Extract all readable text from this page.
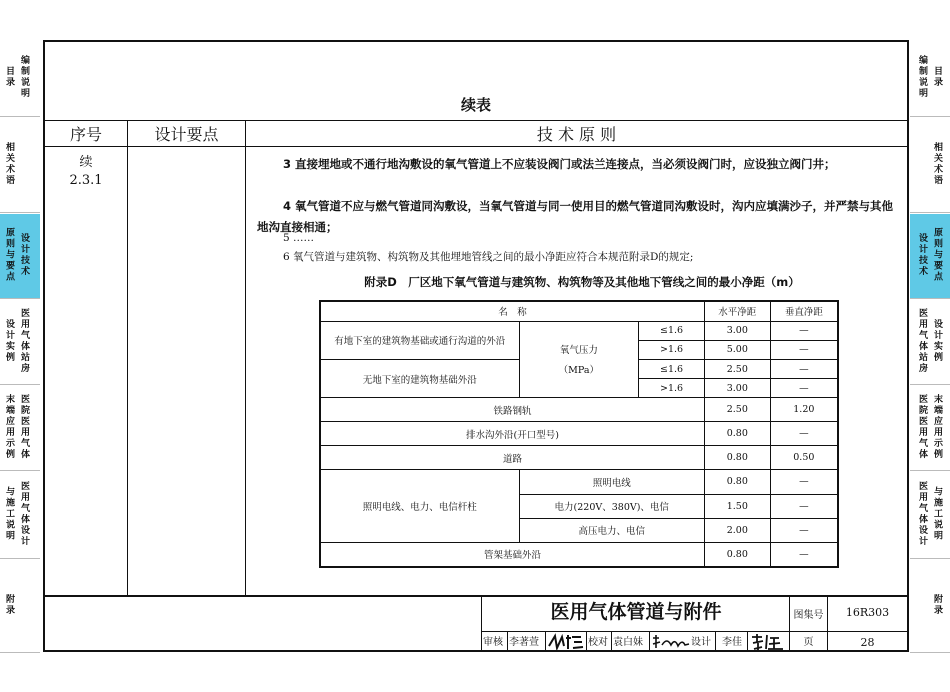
目录
编制说明
相关术语
原则与要点
设计技术
设计实例
医用气体站房
末端应用示例
医院医用气体
与施工说明
医用气体设计
附录
目录
编制说明
相关术语
原则与要点
设计技术
设计实例
医用气体站房
末端应用示例
医院医用气体
与施工说明
医用气体设计
附录
续表
序号	设计要点	技 术 原 则
续
2.3.1
3 直接埋地或不通行地沟敷设的氧气管道上不应装设阀门或法兰连接点，当必须设阀门时，应设独立阀门井；
4 氧气管道不应与燃气管道同沟敷设，当氧气管道与同一使用目的燃气管道同沟敷设时，沟内应填满沙子，并严禁与其他地沟直接相通；
5 ……
6 氧气管道与建筑物、构筑物及其他埋地管线之间的最小净距应符合本规范附录D的规定;
附录D　厂区地下氧气管道与建筑物、构筑物等及其他地下管线之间的最小净距（m）
名　称			水平净距	垂直净距
有地下室的建筑物基础或通行沟道的外沿	氧气压力
（MPa）	≤1.6	3.00	—
		>1.6	5.00	—
无地下室的建筑物基础外沿		≤1.6	2.50	—
		>1.6	3.00	—
铁路钢轨			2.50	1.20
排水沟外沿(开口型号)			0.80	—
道路			0.80	0.50
照明电线、电力、电信杆柱	照明电线		0.80	—
	电力(220V、380V)、电信		1.50	—
	高压电力、电信		2.00	—
管架基础外沿			0.80	—
医用气体管道与附件	图集号	16R303
审核 李著萱	校对 袁白妹	设计	李佳	页	28
